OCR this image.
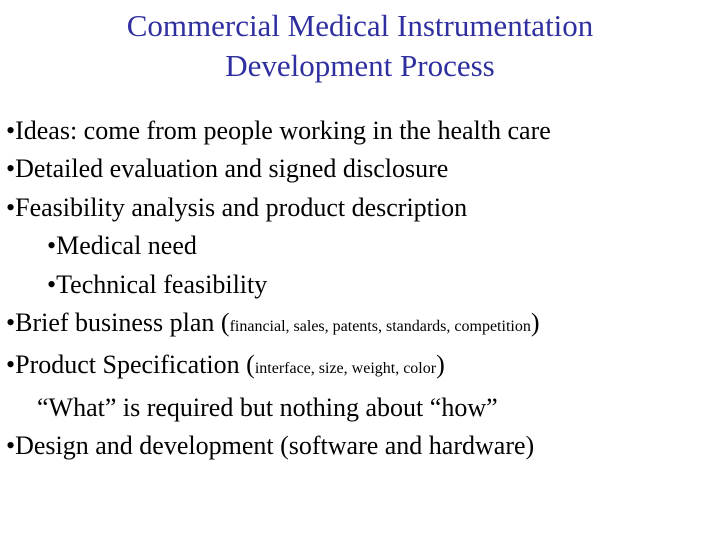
Commercial Medical Instrumentation
Development Process
•Ideas: come from people working in the health care
•Detailed evaluation and signed disclosure
•Feasibility analysis and product description
•Medical need
•Technical feasibility
•Brief business plan (financial, sales, patents, standards, competition)
•Product Specification (interface, size, weight, color)
“What” is required but nothing about “how”
•Design and development (software and hardware)
